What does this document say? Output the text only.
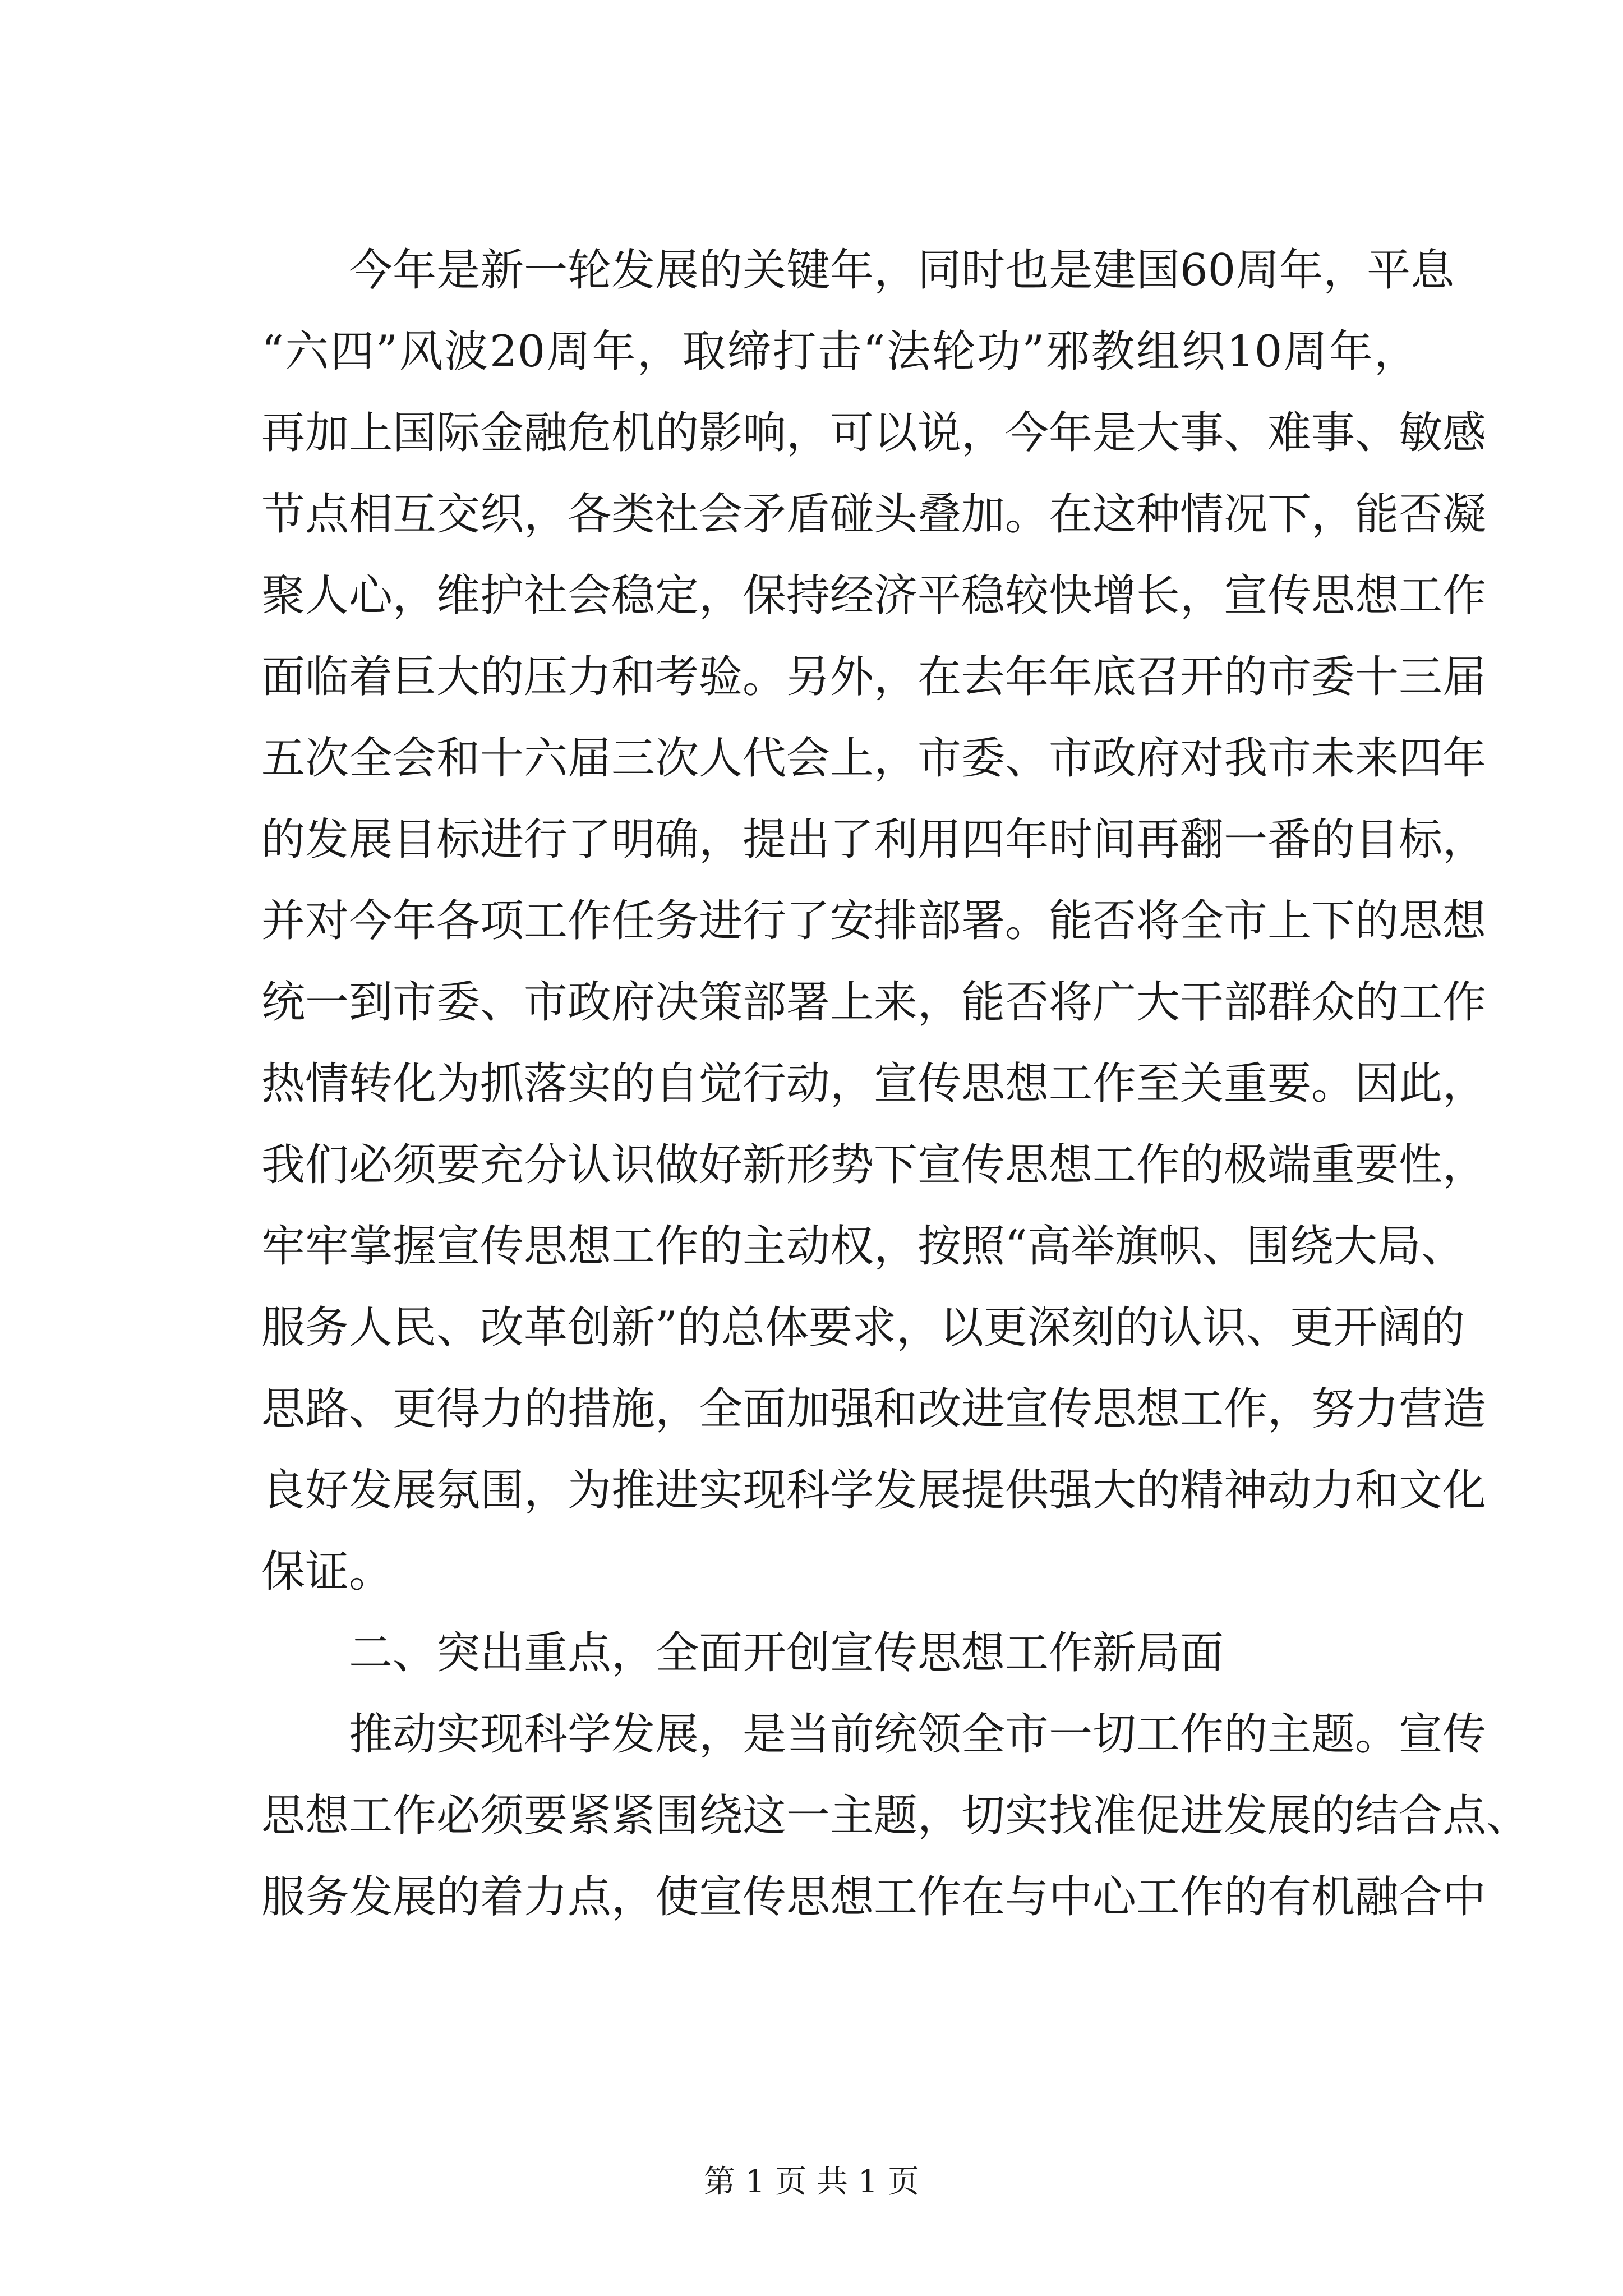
今年是新一轮发展的关键年，同时也是建国60周年，平息
“六四”风波20周年，取缔打击“法轮功”邪教组织10周年，
再加上国际金融危机的影响，可以说，今年是大事、难事、敏感
节点相互交织，各类社会矛盾碰头叠加。在这种情况下，能否凝
聚人心，维护社会稳定，保持经济平稳较快增长，宣传思想工作
面临着巨大的压力和考验。另外，在去年年底召开的市委十三届
五次全会和十六届三次人代会上，市委、市政府对我市未来四年
的发展目标进行了明确，提出了利用四年时间再翻一番的目标，
并对今年各项工作任务进行了安排部署。能否将全市上下的思想
统一到市委、市政府决策部署上来，能否将广大干部群众的工作
热情转化为抓落实的自觉行动，宣传思想工作至关重要。因此，
我们必须要充分认识做好新形势下宣传思想工作的极端重要性，
牢牢掌握宣传思想工作的主动权，按照“高举旗帜、围绕大局、
服务人民、改革创新”的总体要求，以更深刻的认识、更开阔的
思路、更得力的措施，全面加强和改进宣传思想工作，努力营造
良好发展氛围，为推进实现科学发展提供强大的精神动力和文化
保证。
二、突出重点，全面开创宣传思想工作新局面
推动实现科学发展，是当前统领全市一切工作的主题。宣传
思想工作必须要紧紧围绕这一主题，切实找准促进发展的结合点、
服务发展的着力点，使宣传思想工作在与中心工作的有机融合中
第 1 页 共 1 页
